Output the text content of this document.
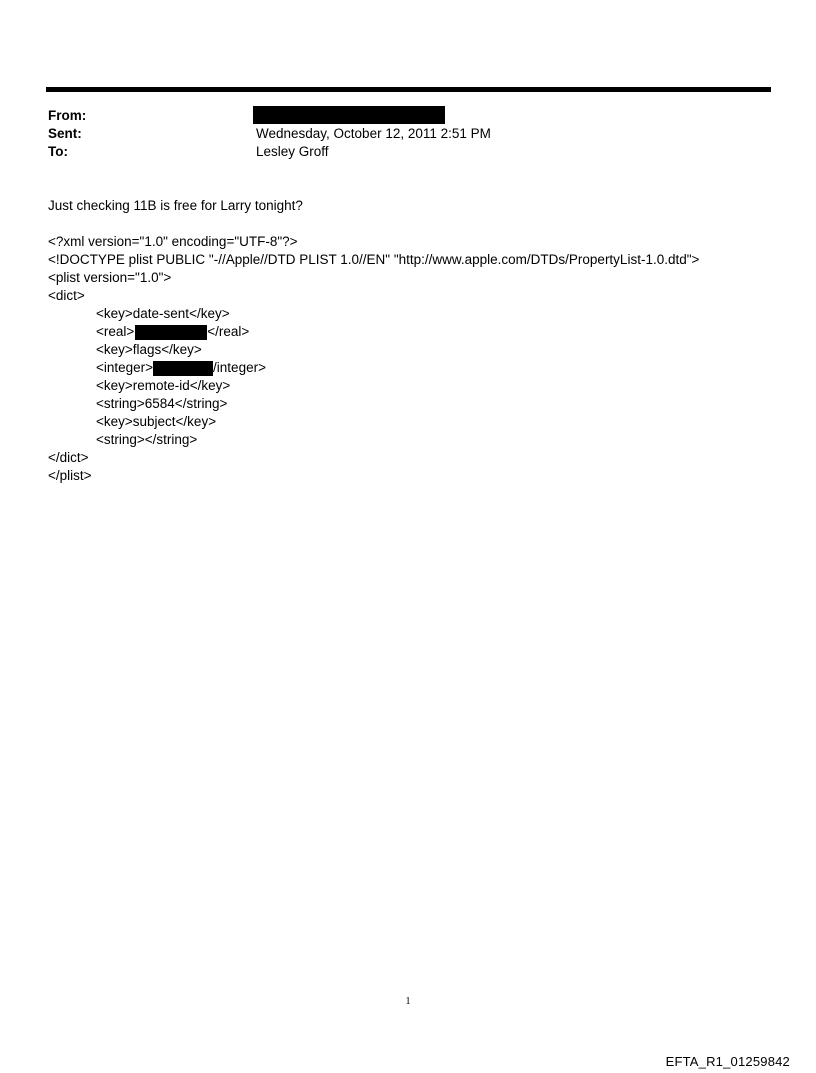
From:
Sent:	Wednesday, October 12, 2011 2:51 PM
To:	Lesley Groff
Just checking 11B is free for Larry tonight?
<?xml version="1.0" encoding="UTF-8"?>
<!DOCTYPE plist PUBLIC "-//Apple//DTD PLIST 1.0//EN" "http://www.apple.com/DTDs/PropertyList-1.0.dtd">
<plist version="1.0">
<dict>
<key>date-sent</key>
<real>	</real>
<key>flags</key>
<integer>	/integer>
<key>remote-id</key>
<string>6584</string>
<key>subject</key>
<string></string>
</dict>
</plist>
1
EFTA_R1_01259842
